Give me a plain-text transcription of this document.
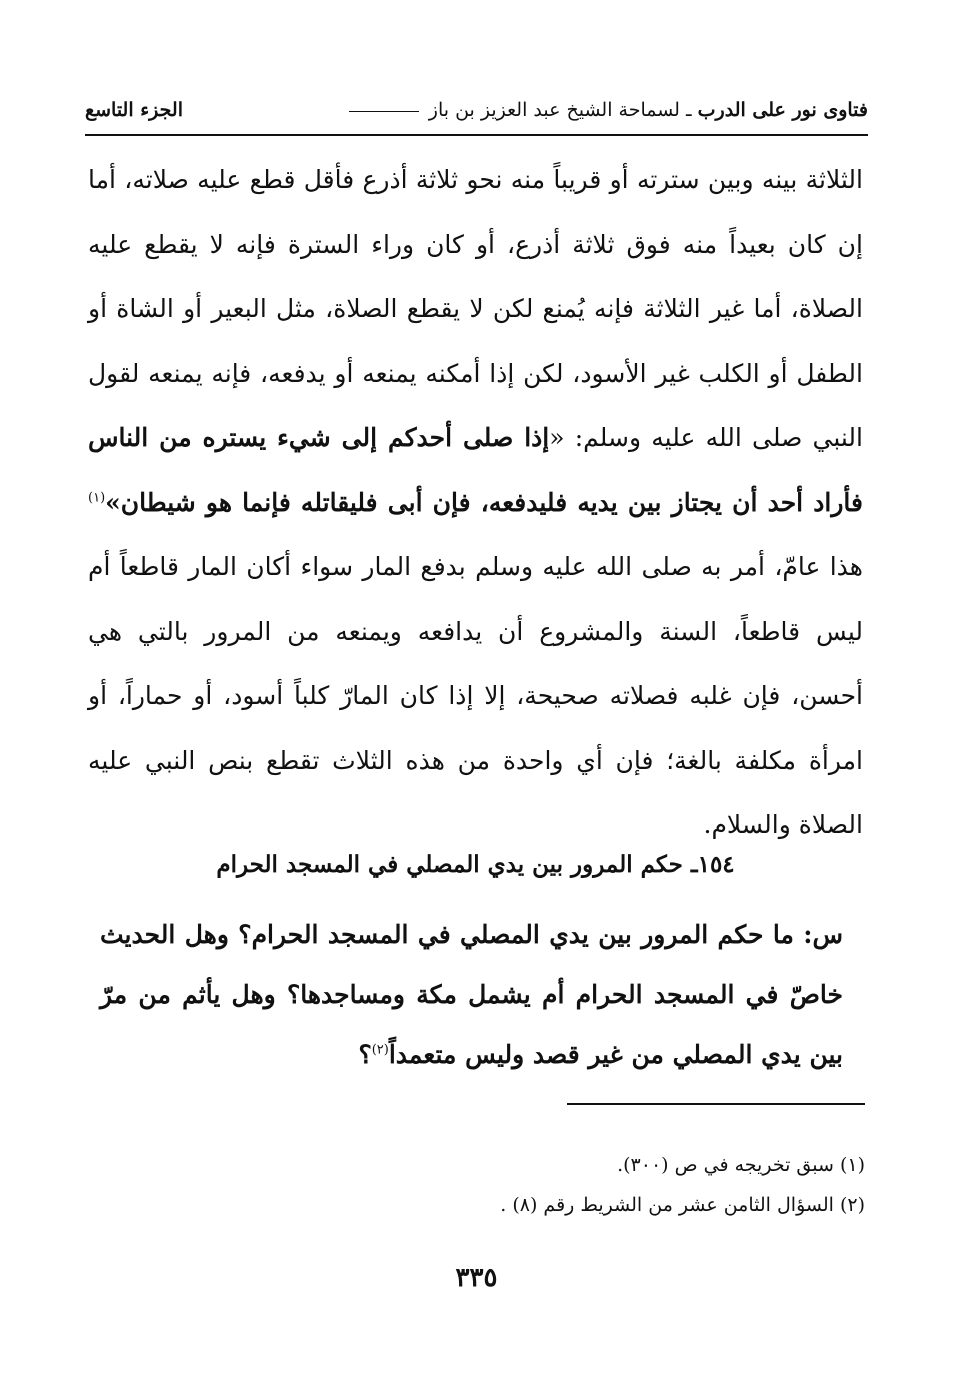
فتاوى نور على الدرب ـ لسماحة الشيخ عبد العزيز بن باز
الجزء التاسع
الثلاثة بينه وبين سترته أو قريباً منه نحو ثلاثة أذرع فأقل قطع عليه صلاته، أما إن كان بعيداً منه فوق ثلاثة أذرع، أو كان وراء السترة فإنه لا يقطع عليه الصلاة، أما غير الثلاثة فإنه يُمنع لكن لا يقطع الصلاة، مثل البعير أو الشاة أو الطفل أو الكلب غير الأسود، لكن إذا أمكنه يمنعه أو يدفعه، فإنه يمنعه لقول النبي صلى الله عليه وسلم: «إذا صلى أحدكم إلى شيء يستره من الناس فأراد أحد أن يجتاز بين يديه فليدفعه، فإن أبى فليقاتله فإنما هو شيطان»$^{(١)}$ هذا عامّ، أمر به صلى الله عليه وسلم بدفع المار سواء أكان المار قاطعاً أم ليس قاطعاً، السنة والمشروع أن يدافعه ويمنعه من المرور بالتي هي أحسن، فإن غلبه فصلاته صحيحة، إلا إذا كان المارّ كلباً أسود، أو حماراً، أو امرأة مكلفة بالغة؛ فإن أي واحدة من هذه الثلاث تقطع بنص النبي عليه الصلاة والسلام.
١٥٤ـ حكم المرور بين يدي المصلي في المسجد الحرام
س: ما حكم المرور بين يدي المصلي في المسجد الحرام؟ وهل الحديث خاصّ في المسجد الحرام أم يشمل مكة ومساجدها؟ وهل يأثم من مرّ بين يدي المصلي من غير قصد وليس متعمداً$^{(٢)}$؟
(١) سبق تخريجه في ص (٣٠٠).
(٢) السؤال الثامن عشر من الشريط رقم (٨) .
٣٣٥
